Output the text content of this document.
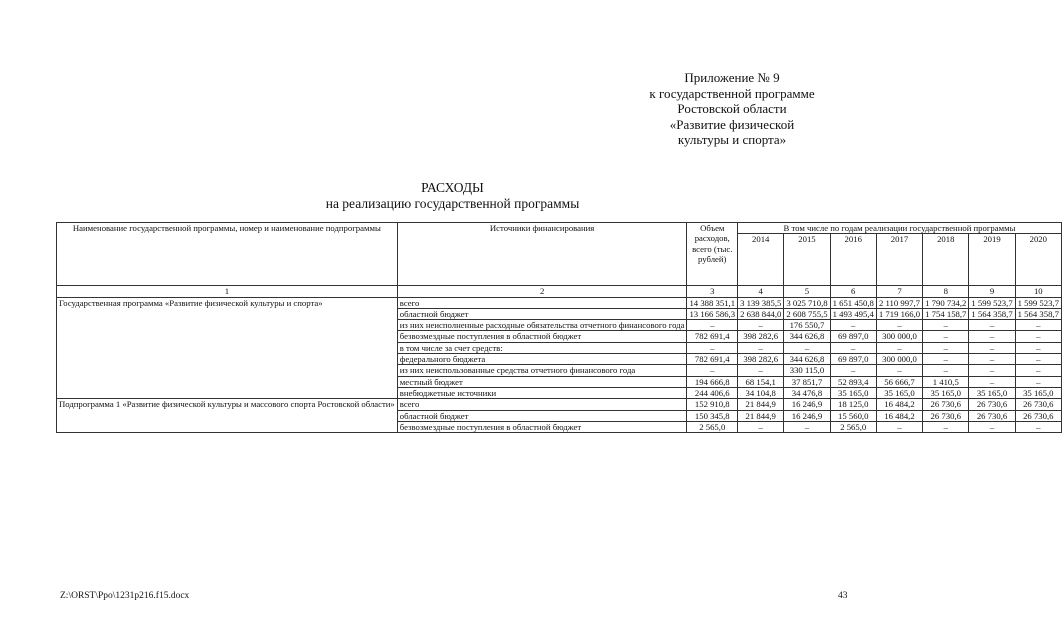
Приложение № 9
к государственной программе
Ростовской области
«Развитие физической
культуры и спорта»
РАСХОДЫ
на реализацию государственной программы
Наименование государственной программы, номер и наименование подпрограммы	Источники финансирования	Объем расходов, всего (тыс. рублей)	В том числе по годам реализации государственной программы						
			2014	2015	2016	2017	2018	2019	2020
1	2	3	4	5	6	7	8	9	10
Государственная программа «Развитие физической культуры и спорта»	всего	14 388 351,1	3 139 385,5	3 025 710,8	1 651 450,8	2 110 997,7	1 790 734,2	1 599 523,7	1 599 523,7
	областной бюджет	13 166 586,3	2 638 844,0	2 608 755,5	1 493 495,4	1 719 166,0	1 754 158,7	1 564 358,7	1 564 358,7
	из них неисполненные расходные обязательства отчетного финансового года	–	–	176 550,7	–	–	–	–	–
	безвозмездные поступления в областной бюджет	782 691,4	398 282,6	344 626,8	69 897,0	300 000,0	–	–	–
	в том числе за счет средств:	–	–	–	–	–	–	–	–
	федерального бюджета	782 691,4	398 282,6	344 626,8	69 897,0	300 000,0	–	–	–
	из них неиспользованные средства отчетного финансового года	–	–	330 115,0	–	–	–	–	–
	местный бюджет	194 666,8	68 154,1	37 851,7	52 893,4	56 666,7	1 410,5	–	–
	внебюджетные источники	244 406,6	34 104,8	34 476,8	35 165,0	35 165,0	35 165,0	35 165,0	35 165,0
Подпрограмма 1 «Развитие физической культуры и массового спорта Ростовской области»	всего	152 910,8	21 844,9	16 246,9	18 125,0	16 484,2	26 730,6	26 730,6	26 730,6
	областной бюджет	150 345,8	21 844,9	16 246,9	15 560,0	16 484,2	26 730,6	26 730,6	26 730,6
	безвозмездные поступления в областной бюджет	2 565,0	–	–	2 565,0	–	–	–	–
Z:\ORST\Ppo\1231p216.f15.docx	43
